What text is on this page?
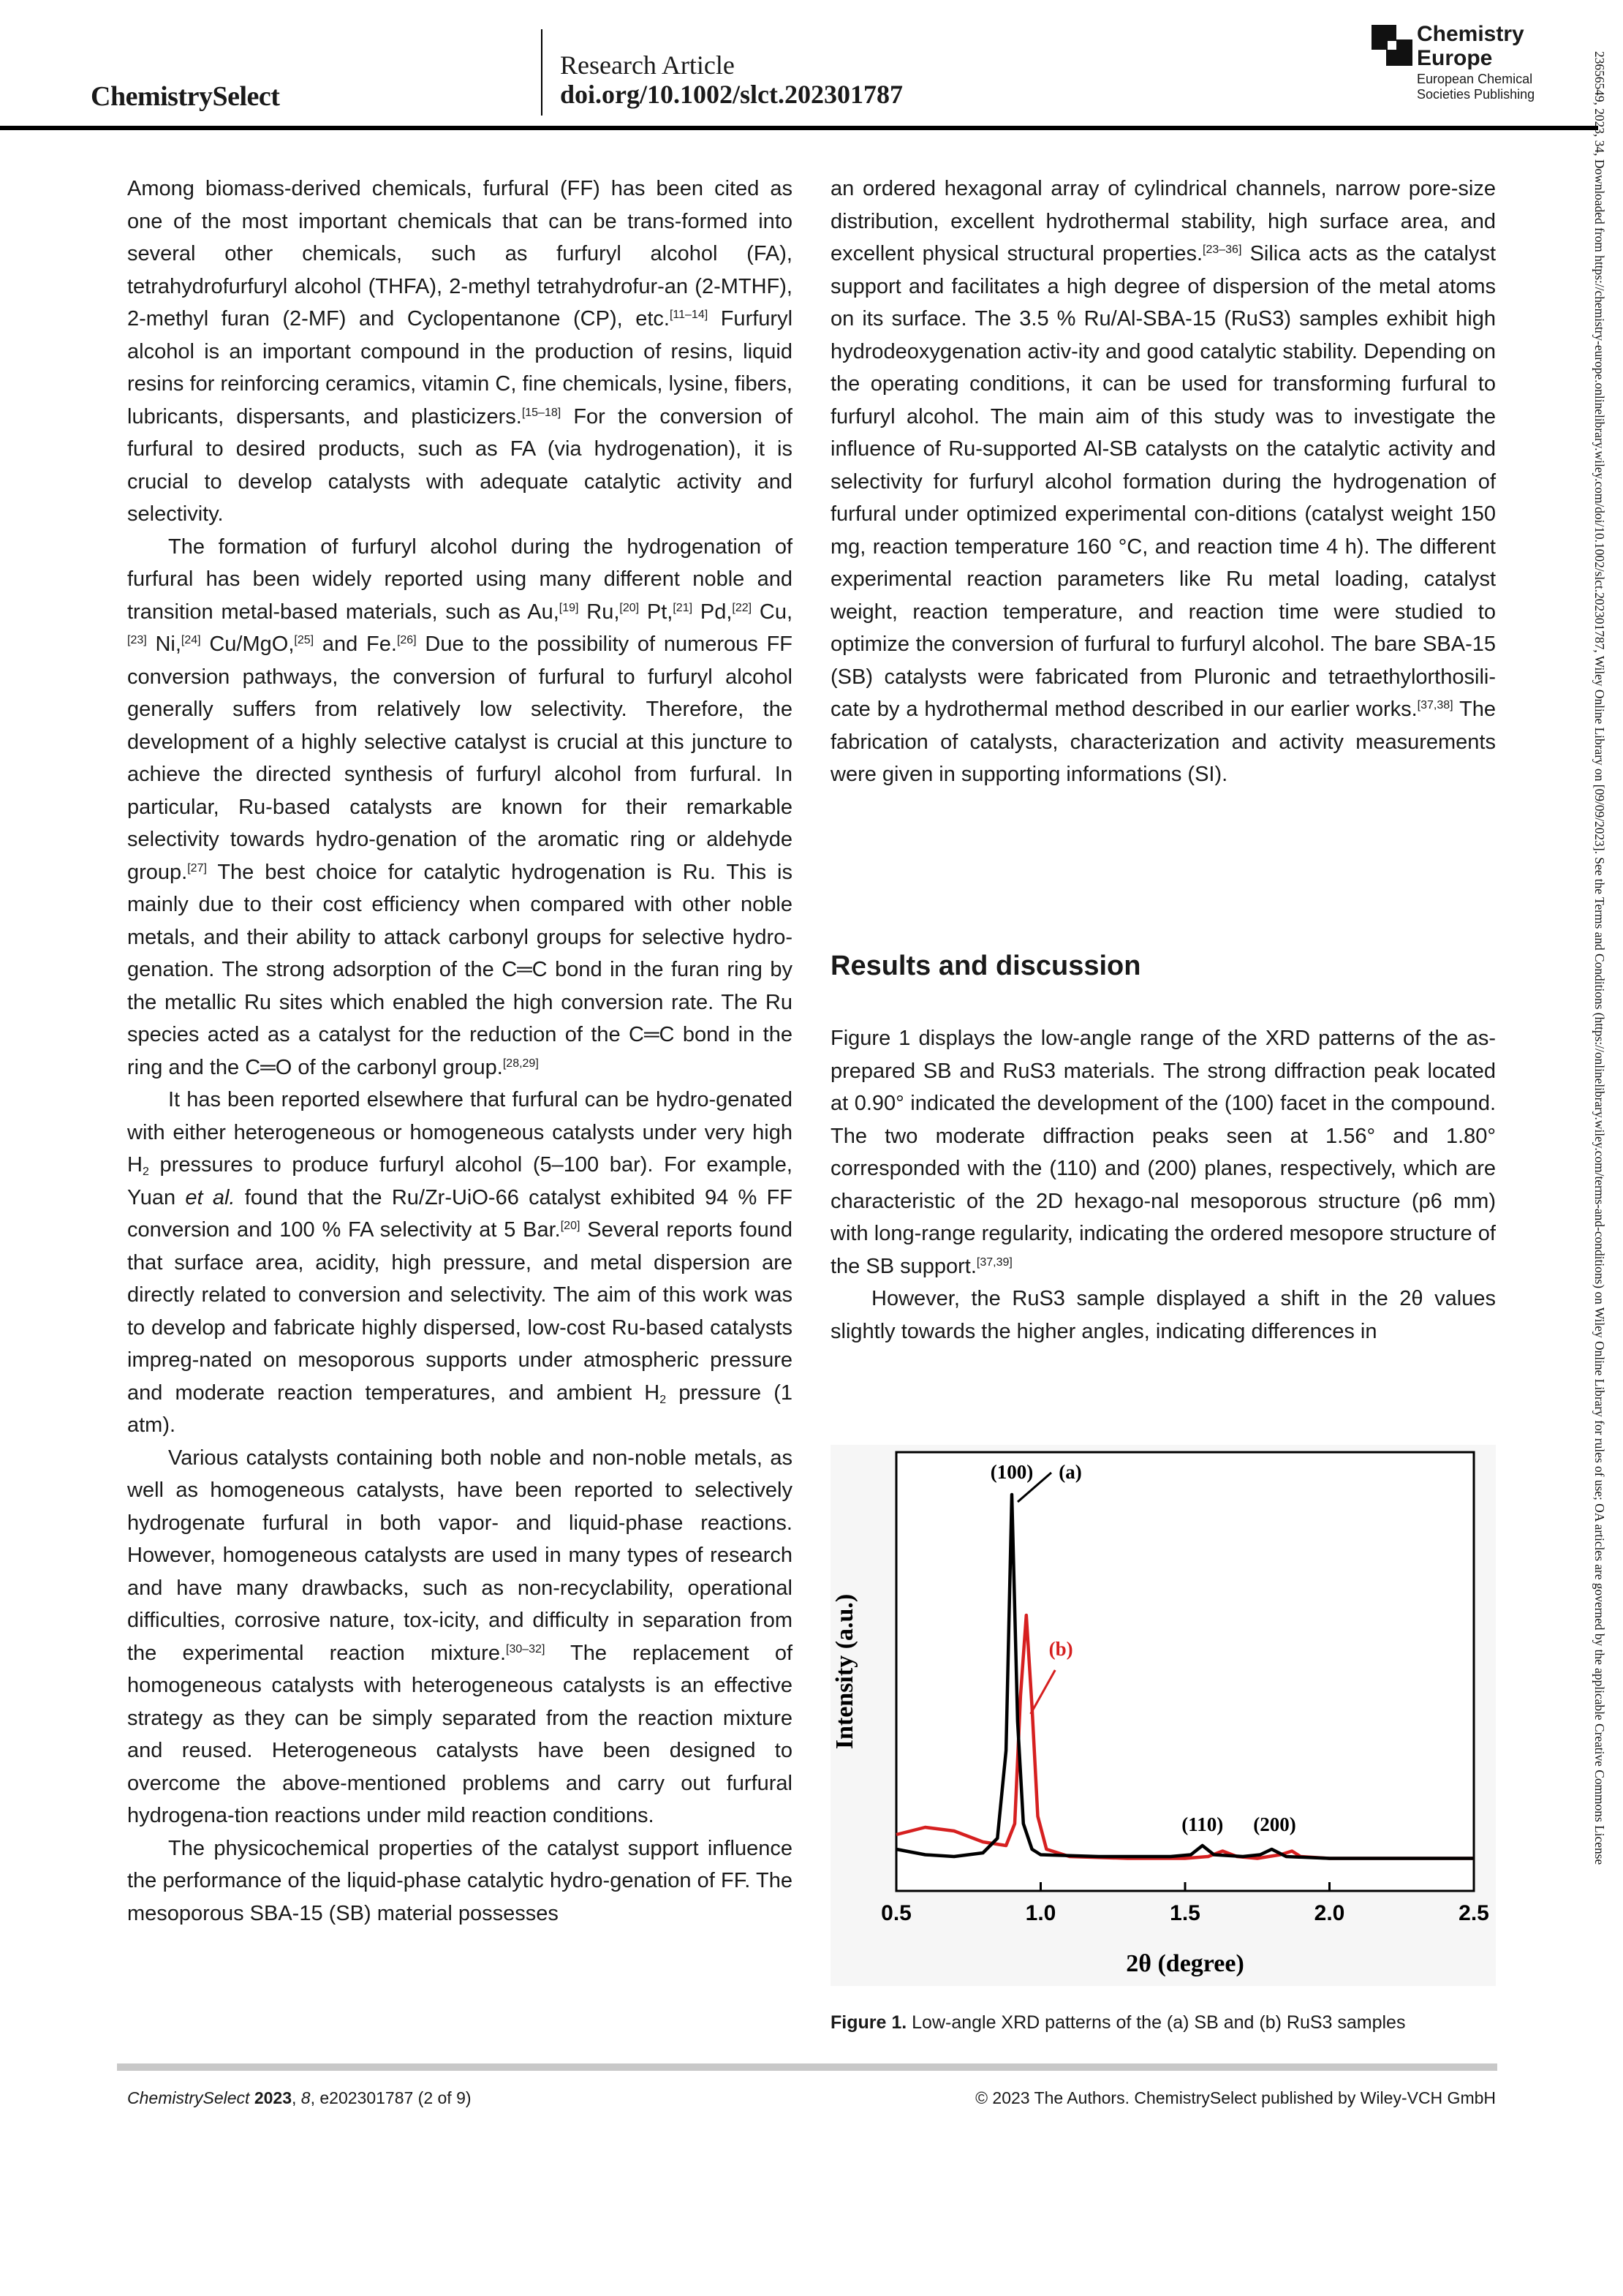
ChemistrySelect
Research Article
doi.org/10.1002/slct.202301787
Chemistry
Europe
European Chemical
Societies Publishing	23656549, 2023, 34, Downloaded from https://chemistry-europe.onlinelibrary.wiley.com/doi/10.1002/slct.202301787, Wiley Online Library on [09/09/2023]. See the Terms and Conditions (https://onlinelibrary.wiley.com/terms-and-conditions) on Wiley Online Library for rules of use; OA articles are governed by the applicable Creative Commons License

Among biomass-derived chemicals, furfural (FF) has been cited as one of the most important chemicals that can be trans-formed into several other chemicals, such as furfuryl alcohol (FA), tetrahydrofurfuryl alcohol (THFA), 2-methyl tetrahydrofur-an (2-MTHF), 2-methyl furan (2-MF) and Cyclopentanone (CP), etc.[11–14] Furfuryl alcohol is an important compound in the production of resins, liquid resins for reinforcing ceramics, vitamin C, fine chemicals, lysine, fibers, lubricants, dispersants, and plasticizers.[15–18] For the conversion of furfural to desired products, such as FA (via hydrogenation), it is crucial to develop catalysts with adequate catalytic activity and selectivity.

The formation of furfuryl alcohol during the hydrogenation of furfural has been widely reported using many different noble and transition metal-based materials, such as Au,[19] Ru,[20] Pt,[21] Pd,[22] Cu,[23] Ni,[24] Cu/MgO,[25] and Fe.[26] Due to the possibility of numerous FF conversion pathways, the conversion of furfural to furfuryl alcohol generally suffers from relatively low selectivity. Therefore, the development of a highly selective catalyst is crucial at this juncture to achieve the directed synthesis of furfuryl alcohol from furfural. In particular, Ru-based catalysts are known for their remarkable selectivity towards hydro-genation of the aromatic ring or aldehyde group.[27] The best choice for catalytic hydrogenation is Ru. This is mainly due to their cost efficiency when compared with other noble metals, and their ability to attack carbonyl groups for selective hydro-genation. The strong adsorption of the C═C bond in the furan ring by the metallic Ru sites which enabled the high conversion rate. The Ru species acted as a catalyst for the reduction of the C═C bond in the ring and the C═O of the carbonyl group.[28,29]

It has been reported elsewhere that furfural can be hydro-genated with either heterogeneous or homogeneous catalysts under very high $H_2$ pressures to produce furfuryl alcohol (5–100 bar). For example, Yuan et al. found that the Ru/Zr-UiO-66 catalyst exhibited 94 % FF conversion and 100 % FA selectivity at 5 Bar.[20] Several reports found that surface area, acidity, high pressure, and metal dispersion are directly related to conversion and selectivity. The aim of this work was to develop and fabricate highly dispersed, low-cost Ru-based catalysts impreg-nated on mesoporous supports under atmospheric pressure and moderate reaction temperatures, and ambient $H_2$ pressure (1 atm).

Various catalysts containing both noble and non-noble metals, as well as homogeneous catalysts, have been reported to selectively hydrogenate furfural in both vapor- and liquid-phase reactions. However, homogeneous catalysts are used in many types of research and have many drawbacks, such as non-recyclability, operational difficulties, corrosive nature, tox-icity, and difficulty in separation from the experimental reaction mixture.[30–32] The replacement of homogeneous catalysts with heterogeneous catalysts is an effective strategy as they can be simply separated from the reaction mixture and reused. Heterogeneous catalysts have been designed to overcome the above-mentioned problems and carry out furfural hydrogena-tion reactions under mild reaction conditions.

The physicochemical properties of the catalyst support influence the performance of the liquid-phase catalytic hydro-genation of FF. The mesoporous SBA-15 (SB) material possesses

an ordered hexagonal array of cylindrical channels, narrow pore-size distribution, excellent hydrothermal stability, high surface area, and excellent physical structural properties.[23–36] Silica acts as the catalyst support and facilitates a high degree of dispersion of the metal atoms on its surface. The 3.5 % Ru/Al-SBA-15 (RuS3) samples exhibit high hydrodeoxygenation activ-ity and good catalytic stability. Depending on the operating conditions, it can be used for transforming furfural to furfuryl alcohol. The main aim of this study was to investigate the influence of Ru-supported Al-SB catalysts on the catalytic activity and selectivity for furfuryl alcohol formation during the hydrogenation of furfural under optimized experimental con-ditions (catalyst weight 150 mg, reaction temperature 160 °C, and reaction time 4 h). The different experimental reaction parameters like Ru metal loading, catalyst weight, reaction temperature, and reaction time were studied to optimize the conversion of furfural to furfuryl alcohol. The bare SBA-15 (SB) catalysts were fabricated from Pluronic and tetraethylorthosili-cate by a hydrothermal method described in our earlier works.[37,38] The fabrication of catalysts, characterization and activity measurements were given in supporting informations (SI).

Results and discussion

Figure 1 displays the low-angle range of the XRD patterns of the as-prepared SB and RuS3 materials. The strong diffraction peak located at 0.90° indicated the development of the (100) facet in the compound. The two moderate diffraction peaks seen at 1.56° and 1.80° corresponded with the (110) and (200) planes, respectively, which are characteristic of the 2D hexago-nal mesoporous structure (p6 mm) with long-range regularity, indicating the ordered mesopore structure of the SB support.[37,39]

However, the RuS3 sample displayed a shift in the 2θ values slightly towards the higher angles, indicating differences in

0.5	1.0	1.5	2.0	2.5
(100) (a)
(b)
(110) (200)
2θ (degree)
Intensity (a.u.)
Figure 1. Low-angle XRD patterns of the (a) SB and (b) RuS3 samples
ChemistrySelect 2023, 8, e202301787 (2 of 9)	© 2023 The Authors. ChemistrySelect published by Wiley-VCH GmbH
